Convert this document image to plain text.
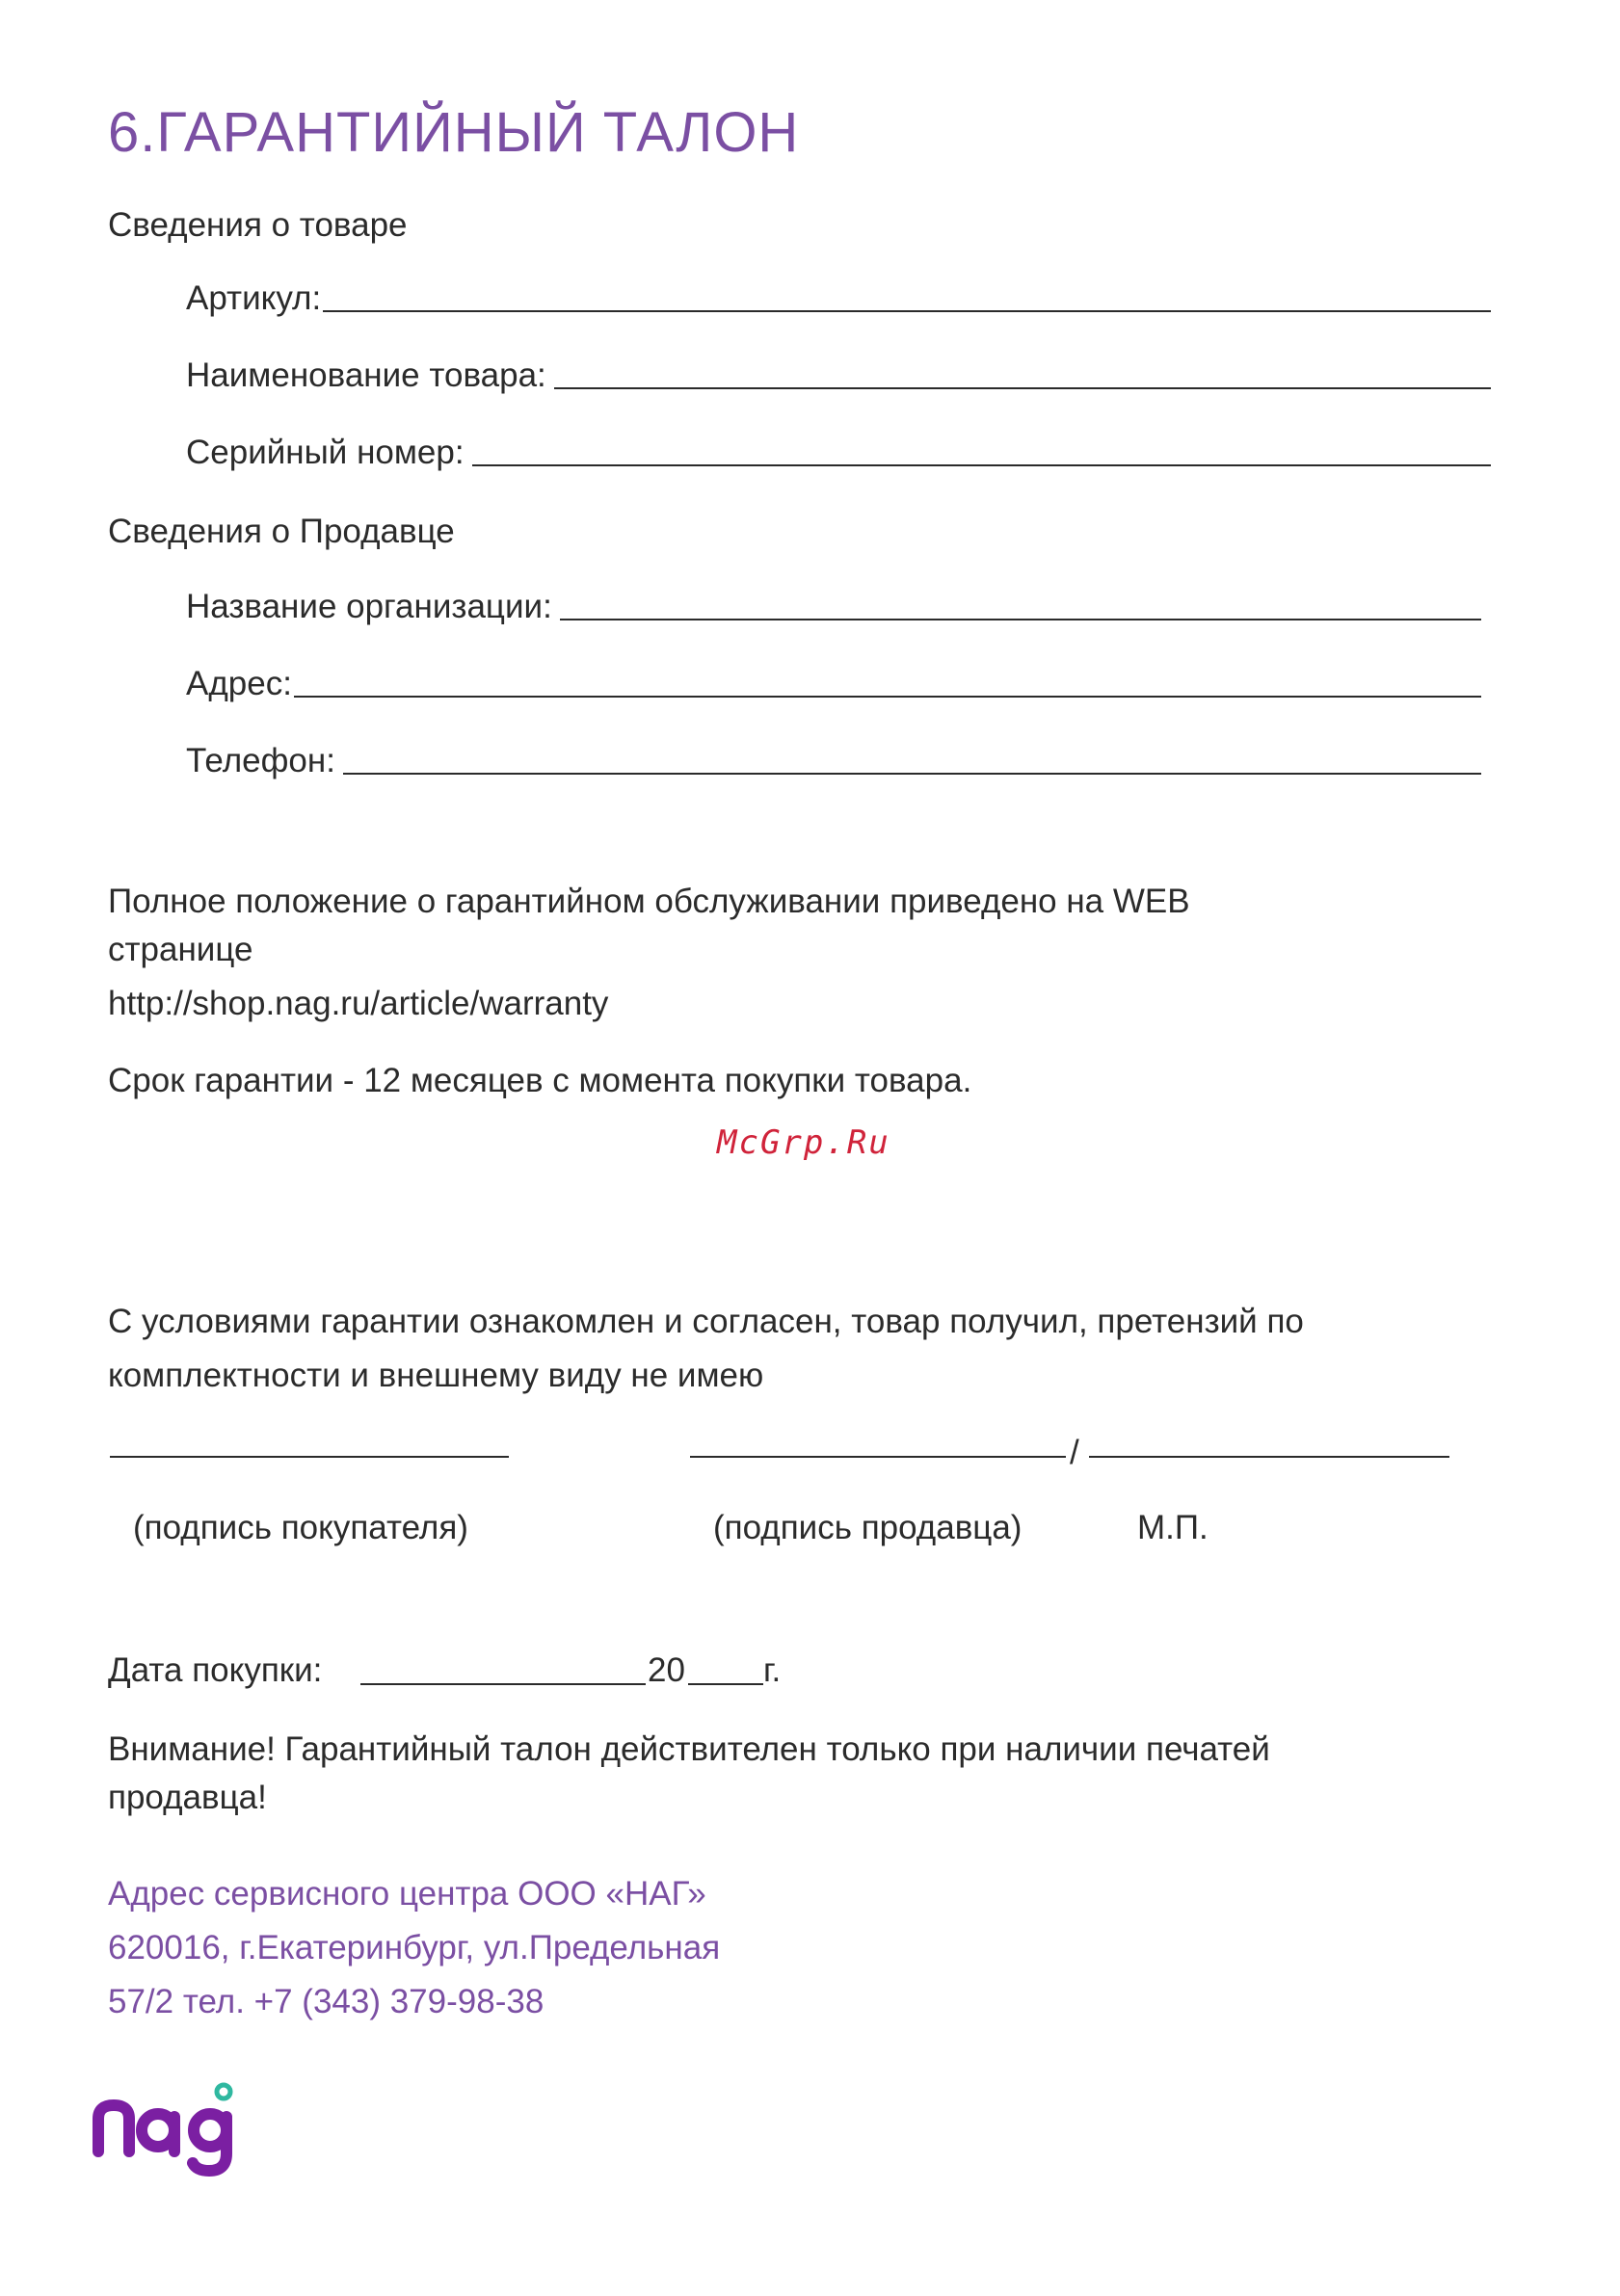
6.ГАРАНТИЙНЫЙ ТАЛОН
Сведения о товаре
Артикул:
Наименование товара:
Серийный номер:
Сведения о Продавце
Название организации:
Адрес:
Телефон:
Полное положение о гарантийном обслуживании приведено на WEB
странице
http://shop.nag.ru/article/warranty
Срок гарантии - 12 месяцев с момента покупки товара.
McGrp.Ru
С условиями гарантии ознакомлен и согласен, товар получил, претензий по
комплектности и внешнему виду не имею
/
(подпись покупателя)	(подпись продавца)	М.П.
Дата покупки:	20 г.
Внимание! Гарантийный талон действителен только при наличии печатей
продавца!
Адрес сервисного центра ООО «НАГ»
620016, г.Екатеринбург, ул.Предельная
57/2 тел. +7 (343) 379-98-38
